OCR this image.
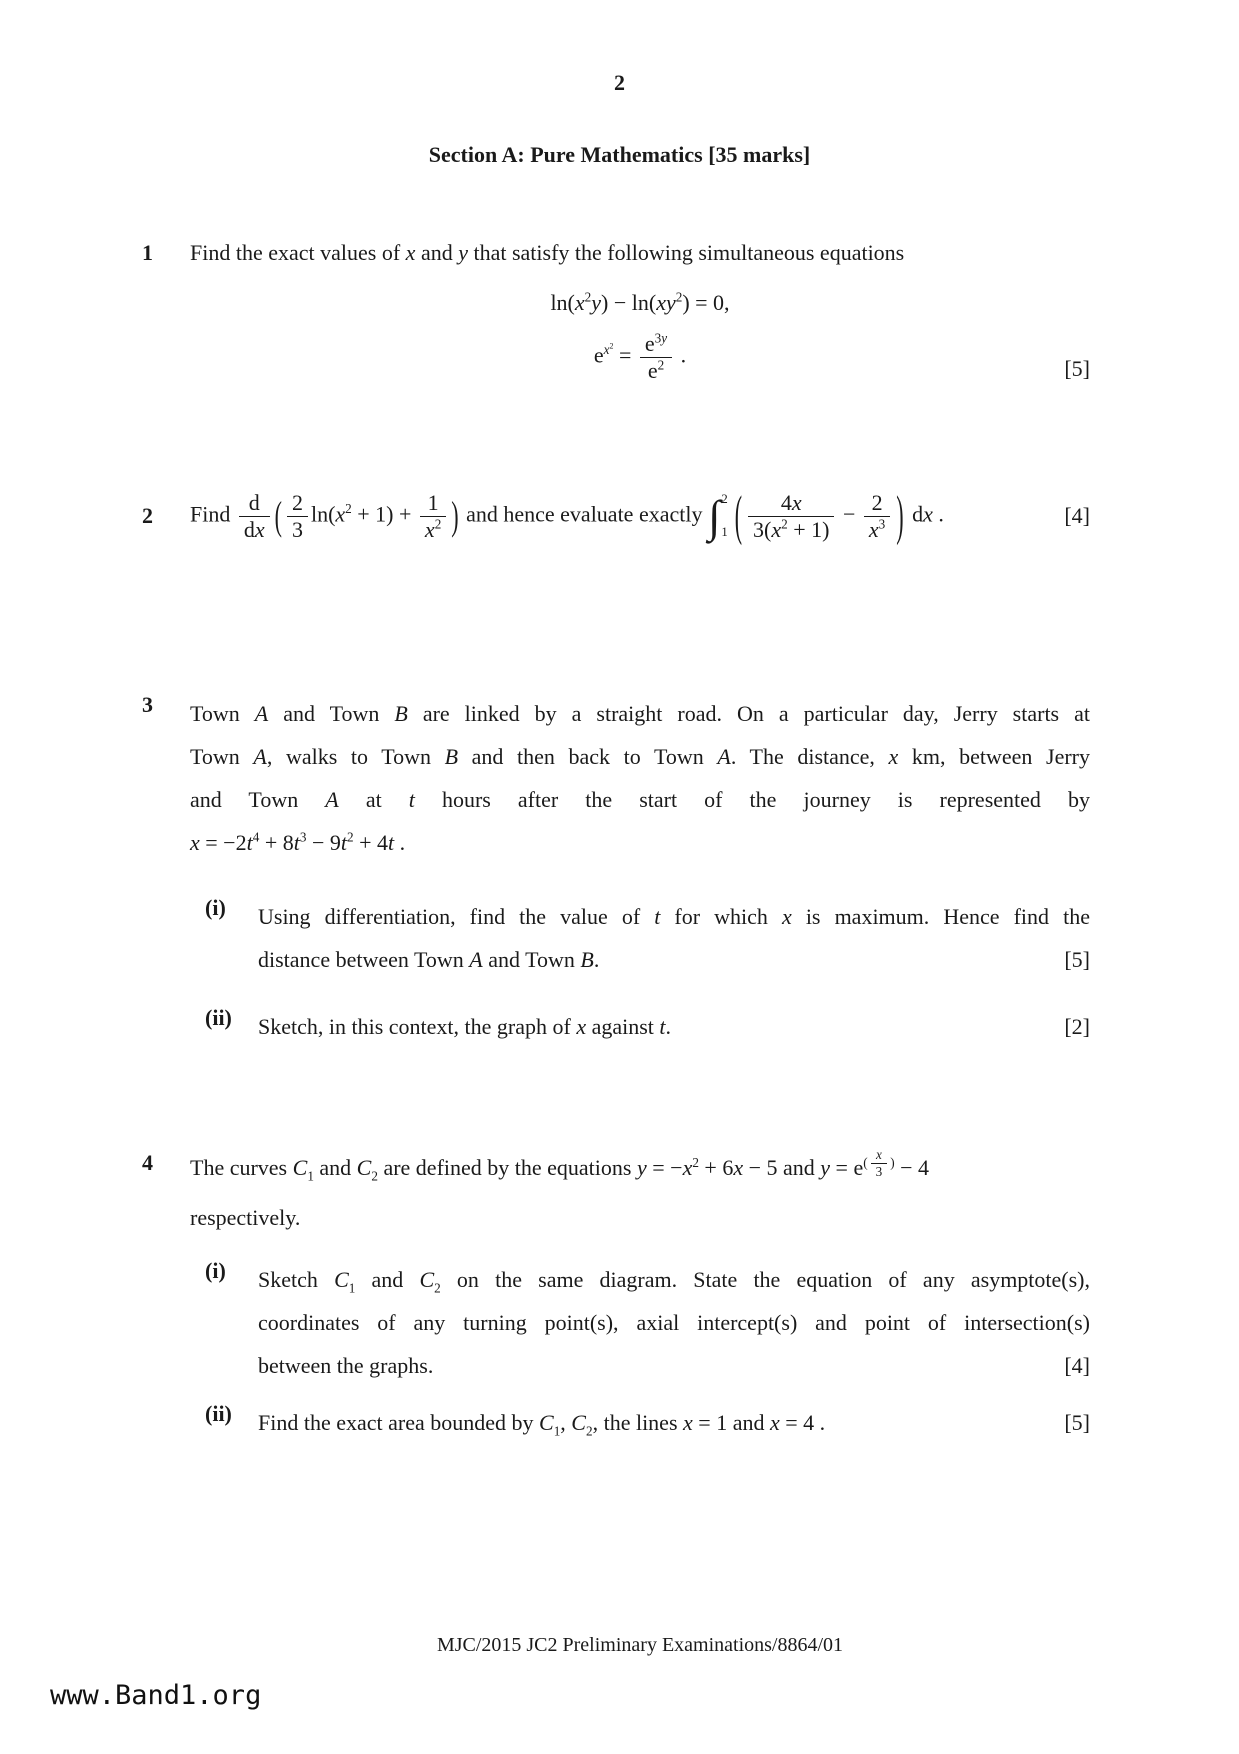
2
Section A: Pure Mathematics [35 marks]
1 Find the exact values of x and y that satisfy the following simultaneous equations
$\ln(x^2y) - \ln(xy^2) = 0$,
$e^{x^2} = \frac{e^{3y}}{e^2}$ .
[5]
2	Find $\frac{d}{dx}$ ( $\frac{2}{3} \ln(x^2 + 1) + \frac{1}{x^2}$ ) and hence evaluate exactly ∫ 2
1 ( $\frac{4x}{3(x^2 + 1)} - \frac{2}{x^3}$ ) dx .	[4]
3 Town A and Town B are linked by a straight road. On a particular day, Jerry starts at
Town A, walks to Town B and then back to Town A. The distance, x km, between Jerry
and Town A at t hours after the start of the journey is represented by
$x = -2t^4 + 8t^3 - 9t^2 + 4t$ .
(i) Using differentiation, find the value of t for which x is maximum. Hence find the
distance between Town A and Town B.	[5]
(ii) Sketch, in this context, the graph of x against t.	[2]
4 The curves $C_1$ and $C_2$ are defined by the equations $y = -x^2 + 6x - 5$ and $y = e^{( \frac{x}{3} )} - 4$
respectively.
(i) Sketch $C_1$ and $C_2$ on the same diagram. State the equation of any asymptote(s),
coordinates of any turning point(s), axial intercept(s) and point of intersection(s)
between the graphs.	[4]
(ii) Find the exact area bounded by $C_1$, $C_2$, the lines x = 1 and x = 4 .	[5]
MJC/2015 JC2 Preliminary Examinations/8864/01
www.Band1.org
